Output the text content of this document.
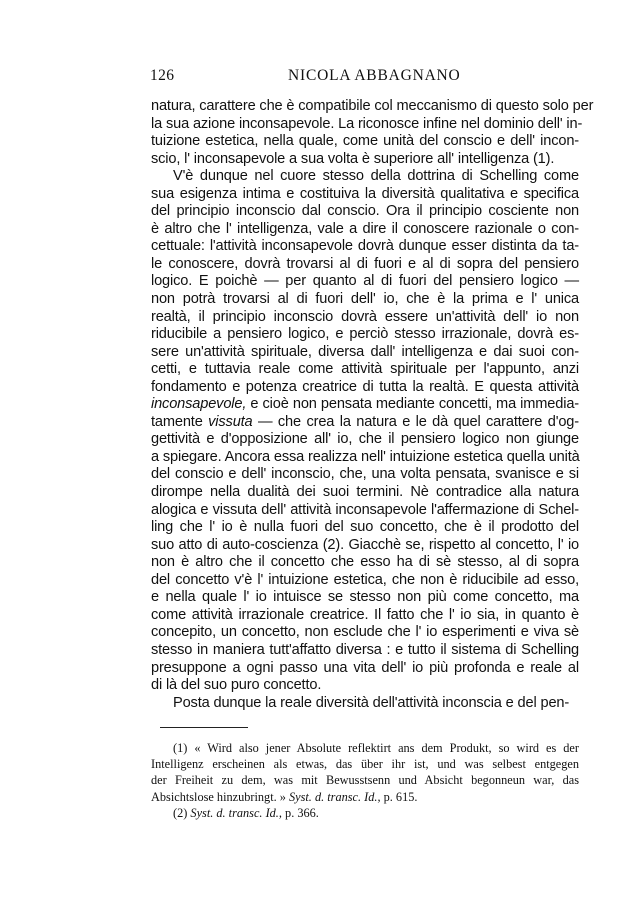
126	NICOLA ABBAGNANO
natura, carattere che è compatibile col meccanismo di questo solo per
la sua azione inconsapevole. La riconosce infine nel dominio dell' in-
tuizione estetica, nella quale, come unità del conscio e dell' incon-
scio, l' inconsapevole a sua volta è superiore all' intelligenza (1).
V'è dunque nel cuore stesso della dottrina di Schelling come
sua esigenza intima e costituiva la diversità qualitativa e specifica
del principio inconscio dal conscio. Ora il principio cosciente non
è altro che l' intelligenza, vale a dire il conoscere razionale o con-
cettuale: l'attività inconsapevole dovrà dunque esser distinta da ta-
le conoscere, dovrà trovarsi al di fuori e al di sopra del pensiero
logico. E poichè — per quanto al di fuori del pensiero logico —
non potrà trovarsi al di fuori dell' io, che è la prima e l' unica
realtà, il principio inconscio dovrà essere un'attività dell' io non
riducibile a pensiero logico, e perciò stesso irrazionale, dovrà es-
sere un'attività spirituale, diversa dall' intelligenza e dai suoi con-
cetti, e tuttavia reale come attività spirituale per l'appunto, anzi
fondamento e potenza creatrice di tutta la realtà. E questa attività
inconsapevole, e cioè non pensata mediante concetti, ma immedia-
tamente vissuta — che crea la natura e le dà quel carattere d'og-
gettività e d'opposizione all' io, che il pensiero logico non giunge
a spiegare. Ancora essa realizza nell' intuizione estetica quella unità
del conscio e dell' inconscio, che, una volta pensata, svanisce e si
dirompe nella dualità dei suoi termini. Nè contradice alla natura
alogica e vissuta dell' attività inconsapevole l'affermazione di Schel-
ling che l' io è nulla fuori del suo concetto, che è il prodotto del
suo atto di auto-coscienza (2). Giacchè se, rispetto al concetto, l' io
non è altro che il concetto che esso ha di sè stesso, al di sopra
del concetto v'è l' intuizione estetica, che non è riducibile ad esso,
e nella quale l' io intuisce se stesso non più come concetto, ma
come attività irrazionale creatrice. Il fatto che l' io sia, in quanto è
concepito, un concetto, non esclude che l' io esperimenti e viva sè
stesso in maniera tutt'affatto diversa : e tutto il sistema di Schelling
presuppone a ogni passo una vita dell' io più profonda e reale al
di là del suo puro concetto.
Posta dunque la reale diversità dell'attività inconscia e del pen-
(1) « Wird also jener Absolute reflektirt ans dem Produkt, so wird es der
Intelligenz erscheinen als etwas, das über ihr ist, und was selbest entgegen
der Freiheit zu dem, was mit Bewusstsenn und Absicht begonneun war, das
Absichtslose hinzubringt. » Syst. d. transc. Id., p. 615.
(2) Syst. d. transc. Id., p. 366.
